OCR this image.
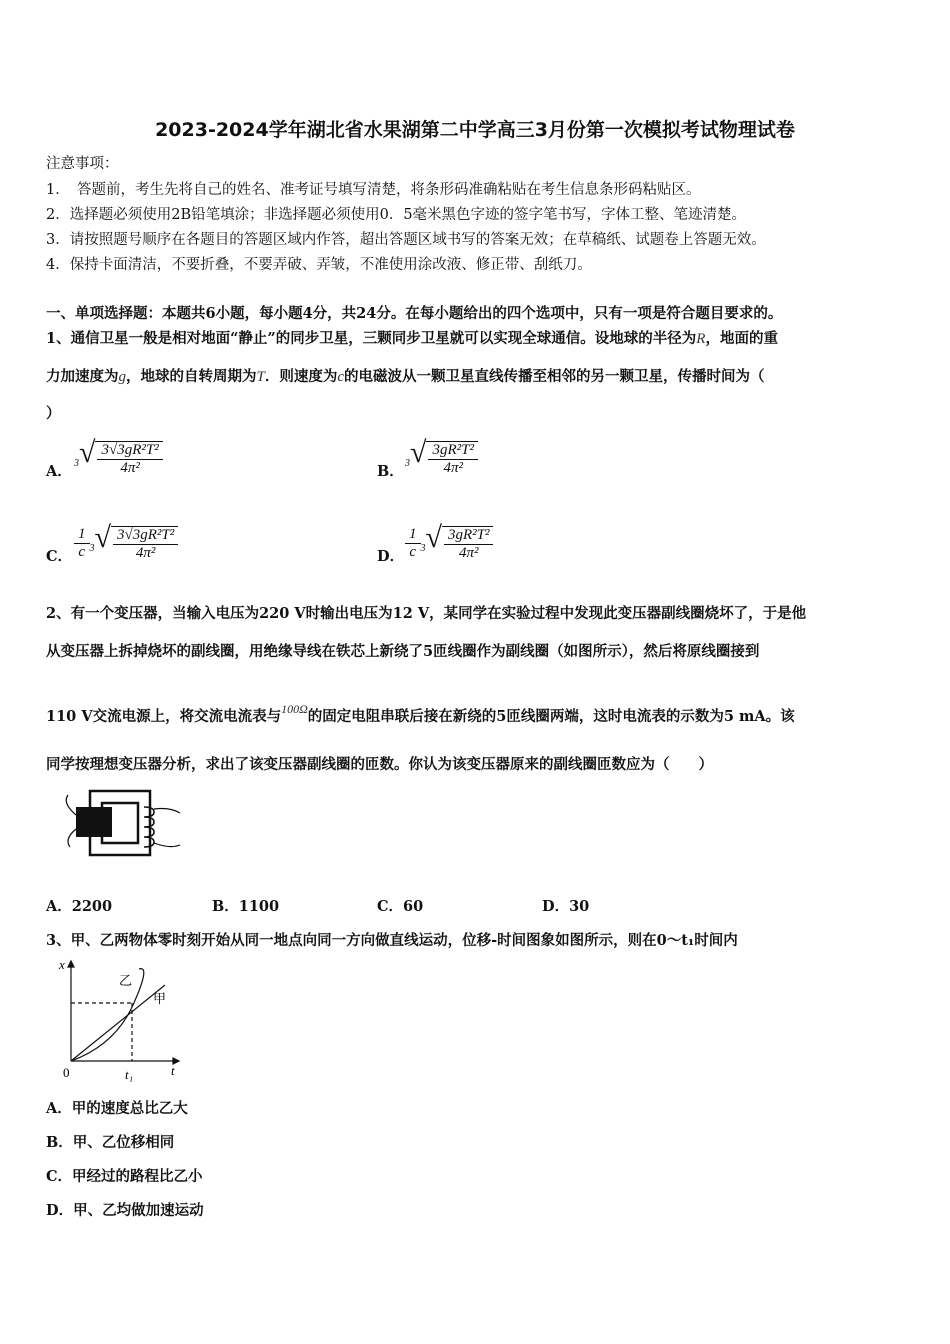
2023-2024学年湖北省水果湖第二中学高三3月份第一次模拟考试物理试卷
注意事项：
1．　答题前，考生先将自己的姓名、准考证号填写清楚，将条形码准确粘贴在考生信息条形码粘贴区。
2．选择题必须使用2B铅笔填涂；非选择题必须使用0．5毫米黑色字迹的签字笔书写，字体工整、笔迹清楚。
3．请按照题号顺序在各题目的答题区域内作答，超出答题区域书写的答案无效；在草稿纸、试题卷上答题无效。
4．保持卡面清洁，不要折叠，不要弄破、弄皱，不准使用涂改液、修正带、刮纸刀。
一、单项选择题：本题共6小题，每小题4分，共24分。在每小题给出的四个选项中，只有一项是符合题目要求的。
1、通信卫星一般是相对地面“静止”的同步卫星，三颗同步卫星就可以实现全球通信。设地球的半径为R，地面的重
力加速度为g，地球的自转周期为T．则速度为c的电磁波从一颗卫星直线传播至相邻的另一颗卫星，传播时间为（
）
A． $^3√ \frac{\text{3√3gR²T²}}{\text{4π²}}$	B． $^3√ \frac{\text{3gR²T²}}{\text{4π²}}$
C． $\frac{1}{c} ^3√ \frac{\text{3√3gR²T²}}{\text{4π²}}$	D． $\frac{1}{c} ^3√ \frac{\text{3gR²T²}}{\text{4π²}}$
2、有一个变压器，当输入电压为220 V时输出电压为12 V，某同学在实验过程中发现此变压器副线圈烧坏了，于是他
从变压器上拆掉烧坏的副线圈，用绝缘导线在铁芯上新绕了5匝线圈作为副线圈（如图所示），然后将原线圈接到
110 V交流电源上，将交流电流表与$^{100\Omega}$的固定电阻串联后接在新绕的5匝线圈两端，这时电流表的示数为5 mA。该
同学按理想变压器分析，求出了该变压器副线圈的匝数。你认为该变压器原来的副线圈匝数应为（　　）
A．2200	B．1100	C．60	D．30
3、甲、乙两物体零时刻开始从同一地点向同一方向做直线运动，位移-时间图象如图所示，则在0～t₁时间内
x
t
0	t₁
乙
甲
A．甲的速度总比乙大
B．甲、乙位移相同
C．甲经过的路程比乙小
D．甲、乙均做加速运动
